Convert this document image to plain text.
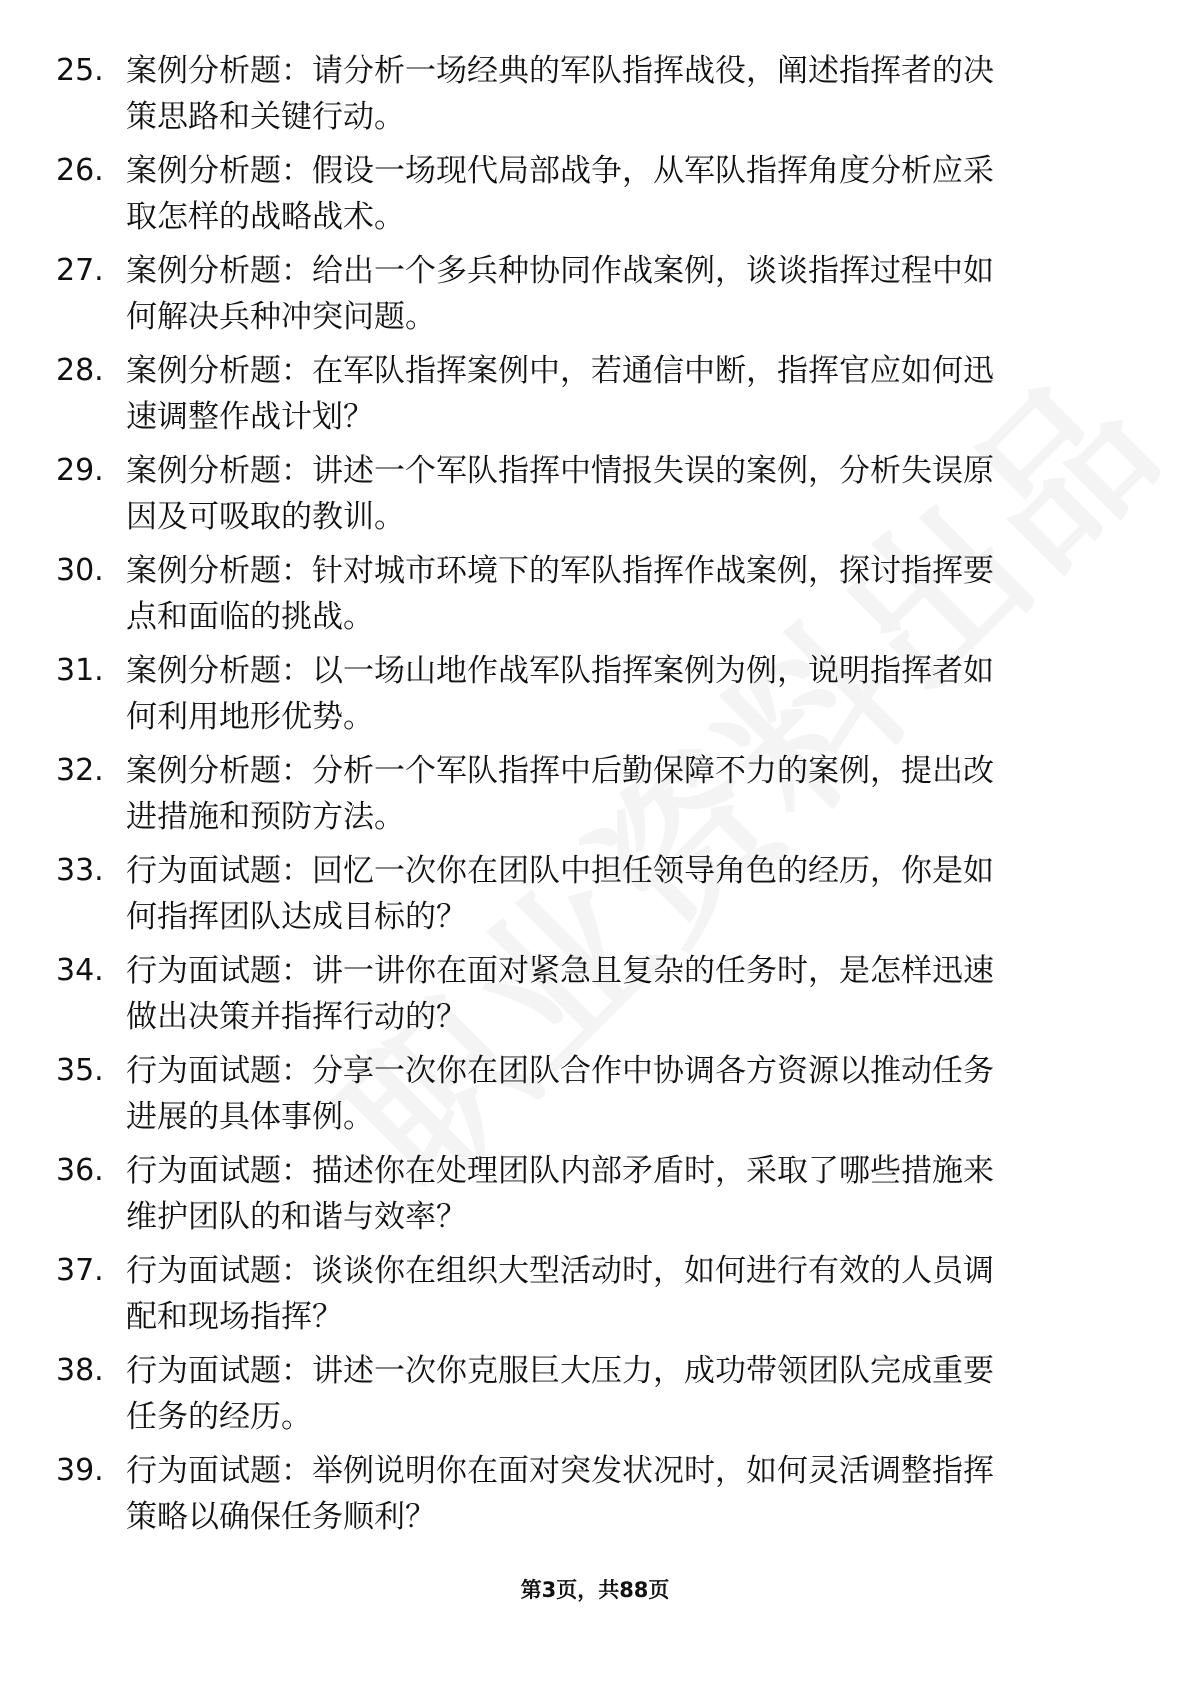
25. 案例分析题：请分析一场经典的军队指挥战役，阐述指挥者的决
策思路和关键行动。
26. 案例分析题：假设一场现代局部战争，从军队指挥角度分析应采
取怎样的战略战术。
27. 案例分析题：给出一个多兵种协同作战案例，谈谈指挥过程中如
何解决兵种冲突问题。
28. 案例分析题：在军队指挥案例中，若通信中断，指挥官应如何迅
速调整作战计划？
29. 案例分析题：讲述一个军队指挥中情报失误的案例，分析失误原
因及可吸取的教训。
30. 案例分析题：针对城市环境下的军队指挥作战案例，探讨指挥要
点和面临的挑战。
31. 案例分析题：以一场山地作战军队指挥案例为例，说明指挥者如
何利用地形优势。
32. 案例分析题：分析一个军队指挥中后勤保障不力的案例，提出改
进措施和预防方法。
33. 行为面试题：回忆一次你在团队中担任领导角色的经历，你是如
何指挥团队达成目标的？
34. 行为面试题：讲一讲你在面对紧急且复杂的任务时，是怎样迅速
做出决策并指挥行动的？
35. 行为面试题：分享一次你在团队合作中协调各方资源以推动任务
进展的具体事例。
36. 行为面试题：描述你在处理团队内部矛盾时，采取了哪些措施来
维护团队的和谐与效率？
37. 行为面试题：谈谈你在组织大型活动时，如何进行有效的人员调
配和现场指挥？
38. 行为面试题：讲述一次你克服巨大压力，成功带领团队完成重要
任务的经历。
39. 行为面试题：举例说明你在面对突发状况时，如何灵活调整指挥
策略以确保任务顺利？
第3页，共88页
